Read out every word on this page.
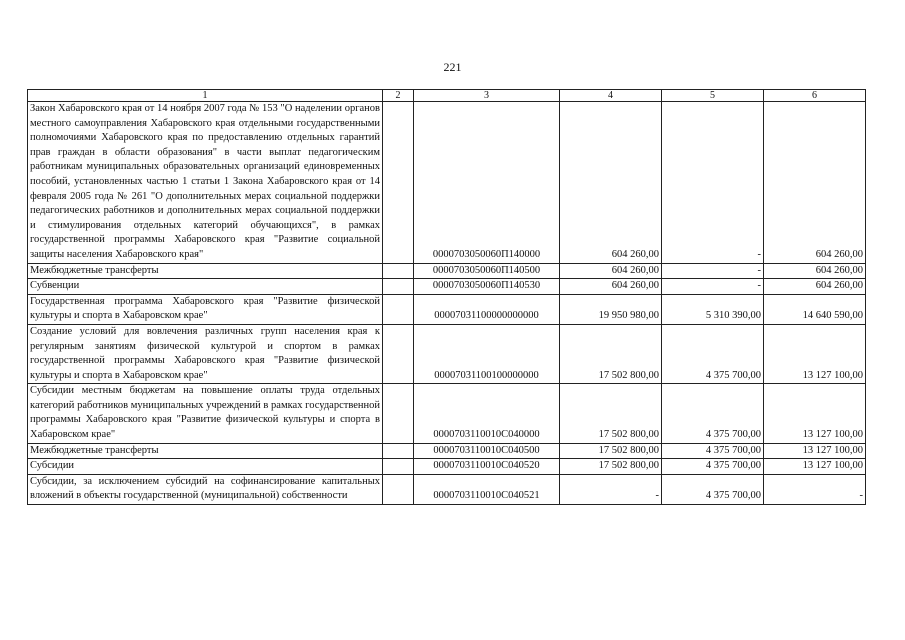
221
1	2	3	4	5	6
Закон Хабаровского края от 14 ноября 2007 года № 153 "О наделении органов местного самоуправления Хабаровского края отдельными государственными полномочиями Хабаровского края по предоставлению отдельных гарантий прав граждан в области образования" в части выплат педагогическим работникам муниципальных образовательных организаций единовременных пособий, установленных частью 1 статьи 1 Закона Хабаровского края от 14 февраля 2005 года № 261 "О дополнительных мерах социальной поддержки педагогических работников и дополнительных мерах социальной поддержки и стимулирования отдельных категорий обучающихся", в рамках государственной программы Хабаровского края "Развитие социальной защиты населения Хабаровского края"		0000703050060П140000	604 260,00	-	604 260,00
Межбюджетные трансферты		0000703050060П140500	604 260,00	-	604 260,00
Субвенции		0000703050060П140530	604 260,00	-	604 260,00
Государственная программа Хабаровского края "Развитие физической культуры и спорта в Хабаровском крае"		00007031100000000000	19 950 980,00	5 310 390,00	14 640 590,00
Создание условий для вовлечения различных групп населения края к регулярным занятиям физической культурой и спортом в рамках государственной программы Хабаровского края "Развитие физической культуры и спорта в Хабаровском крае"		00007031100100000000	17 502 800,00	4 375 700,00	13 127 100,00
Субсидии местным бюджетам на повышение оплаты труда отдельных категорий работников муниципальных учреждений в рамках государственной программы Хабаровского края "Развитие физической культуры и спорта в Хабаровском крае"		0000703110010С040000	17 502 800,00	4 375 700,00	13 127 100,00
Межбюджетные трансферты		0000703110010С040500	17 502 800,00	4 375 700,00	13 127 100,00
Субсидии		0000703110010С040520	17 502 800,00	4 375 700,00	13 127 100,00
Субсидии, за исключением субсидий на софинансирование капитальных вложений в объекты государственной (муниципальной) собственности		0000703110010С040521	-	4 375 700,00	-
